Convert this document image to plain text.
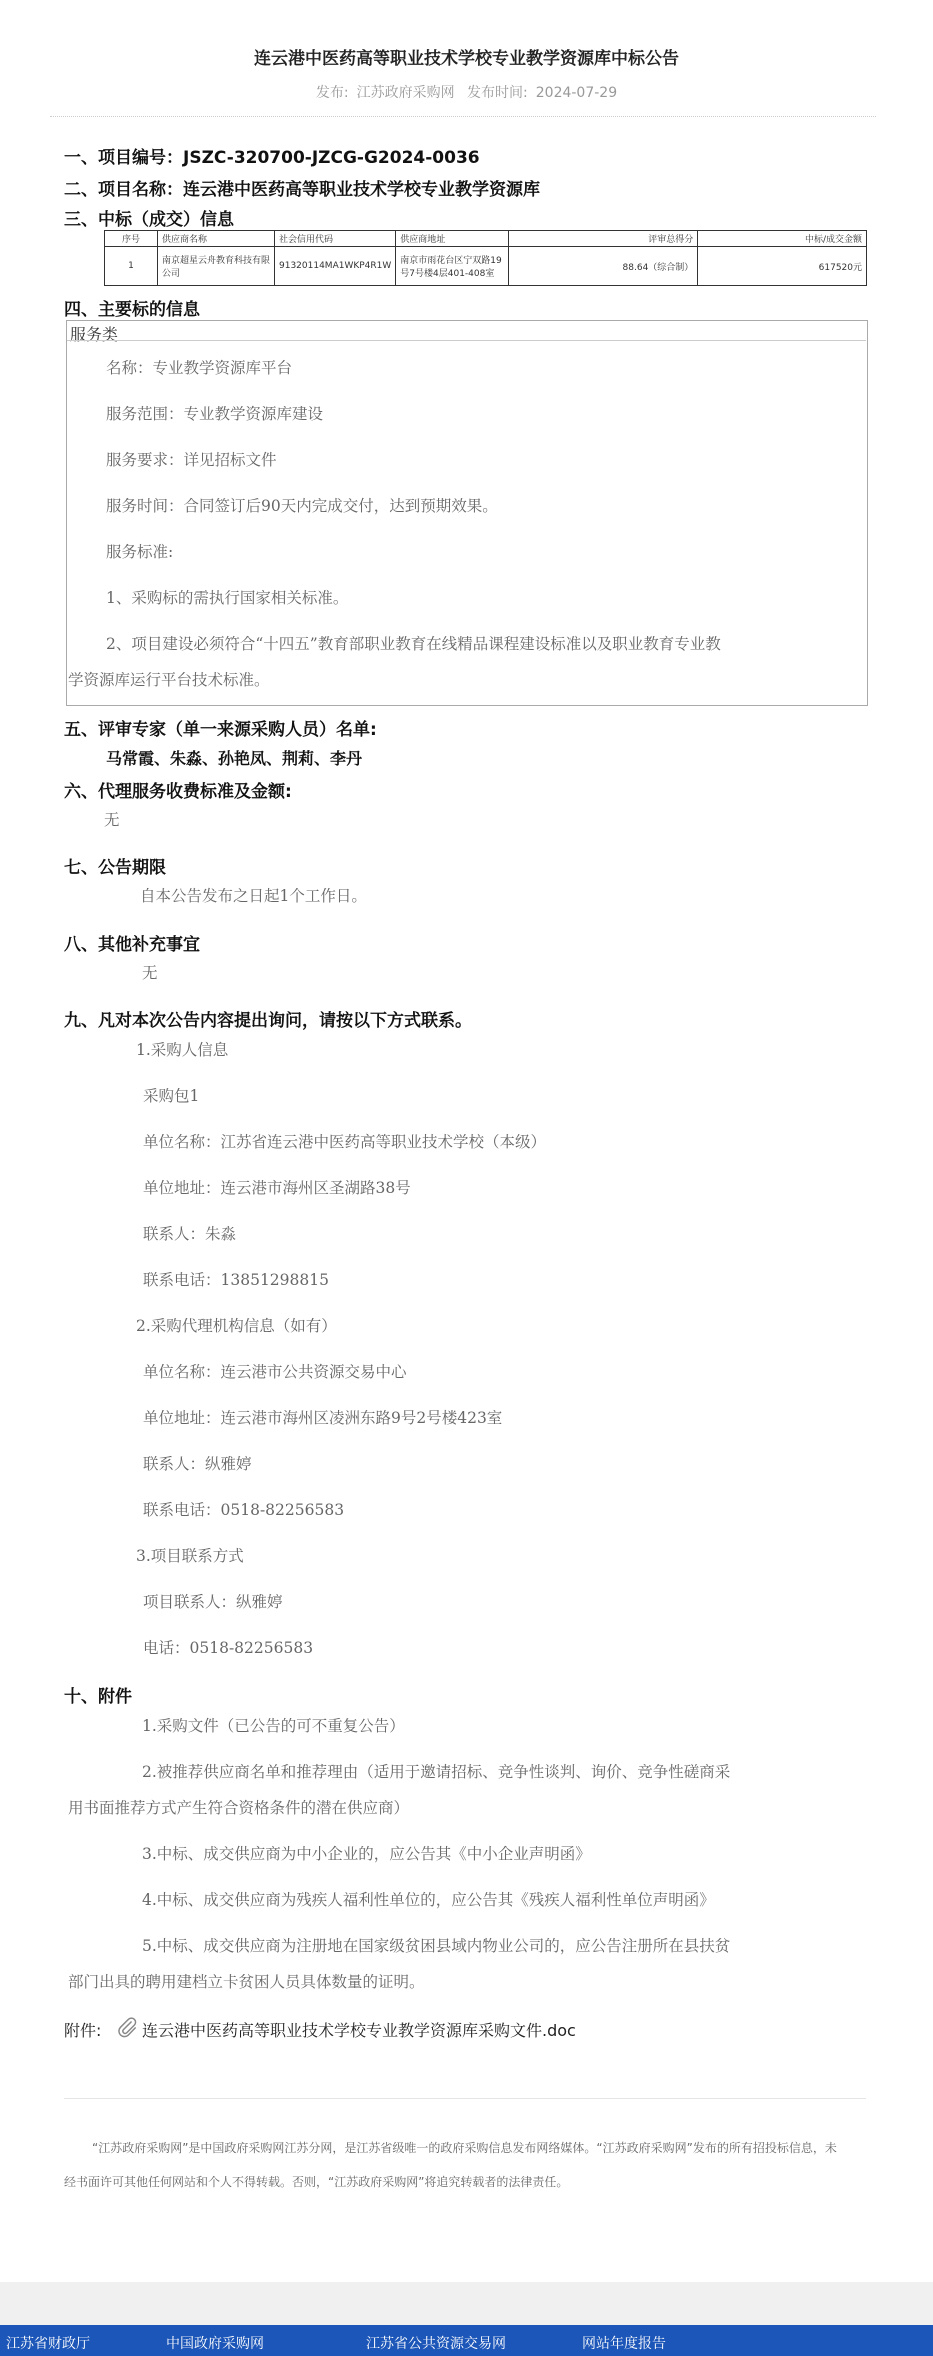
连云港中医药高等职业技术学校专业教学资源库中标公告
发布: 江苏政府采购网 发布时间: 2024-07-29
一、项目编号：JSZC-320700-JZCG-G2024-0036
二、项目名称：连云港中医药高等职业技术学校专业教学资源库
三、中标（成交）信息
序号	供应商名称	社会信用代码	供应商地址	评审总得分	中标/成交金额
1	南京超星云舟教育科技有限公司	91320114MA1WKP4R1W	南京市雨花台区宁双路19号7号楼4层401-408室	88.64（综合制）	617520元
四、主要标的信息
服务类
名称：专业教学资源库平台
服务范围：专业教学资源库建设
服务要求：详见招标文件
服务时间：合同签订后90天内完成交付，达到预期效果。
服务标准:
1、采购标的需执行国家相关标准。
2、项目建设必须符合“十四五”教育部职业教育在线精品课程建设标准以及职业教育专业教
学资源库运行平台技术标准。
五、评审专家（单一来源采购人员）名单:
马常霞、朱淼、孙艳凤、荆莉、李丹
六、代理服务收费标准及金额:
无
七、公告期限
自本公告发布之日起1个工作日。
八、其他补充事宜
无
九、凡对本次公告内容提出询问，请按以下方式联系。
1.采购人信息
采购包1
单位名称：江苏省连云港中医药高等职业技术学校（本级）
单位地址：连云港市海州区圣湖路38号
联系人：朱淼
联系电话：13851298815
2.采购代理机构信息（如有）
单位名称：连云港市公共资源交易中心
单位地址：连云港市海州区凌洲东路9号2号楼423室
联系人：纵雅婷
联系电话：0518-82256583
3.项目联系方式
项目联系人：纵雅婷
电话：0518-82256583
十、附件
1.采购文件（已公告的可不重复公告）
2.被推荐供应商名单和推荐理由（适用于邀请招标、竞争性谈判、询价、竞争性磋商采
用书面推荐方式产生符合资格条件的潜在供应商）
3.中标、成交供应商为中小企业的，应公告其《中小企业声明函》
4.中标、成交供应商为残疾人福利性单位的，应公告其《残疾人福利性单位声明函》
5.中标、成交供应商为注册地在国家级贫困县域内物业公司的，应公告注册所在县扶贫
部门出具的聘用建档立卡贫困人员具体数量的证明。
附件:	连云港中医药高等职业技术学校专业教学资源库采购文件.doc
“江苏政府采购网”是中国政府采购网江苏分网，是江苏省级唯一的政府采购信息发布网络媒体。“江苏政府采购网”发布的所有招投标信息，未
经书面许可其他任何网站和个人不得转载。否则，“江苏政府采购网”将追究转载者的法律责任。
江苏省财政厅	中国政府采购网	江苏省公共资源交易网	网站年度报告
